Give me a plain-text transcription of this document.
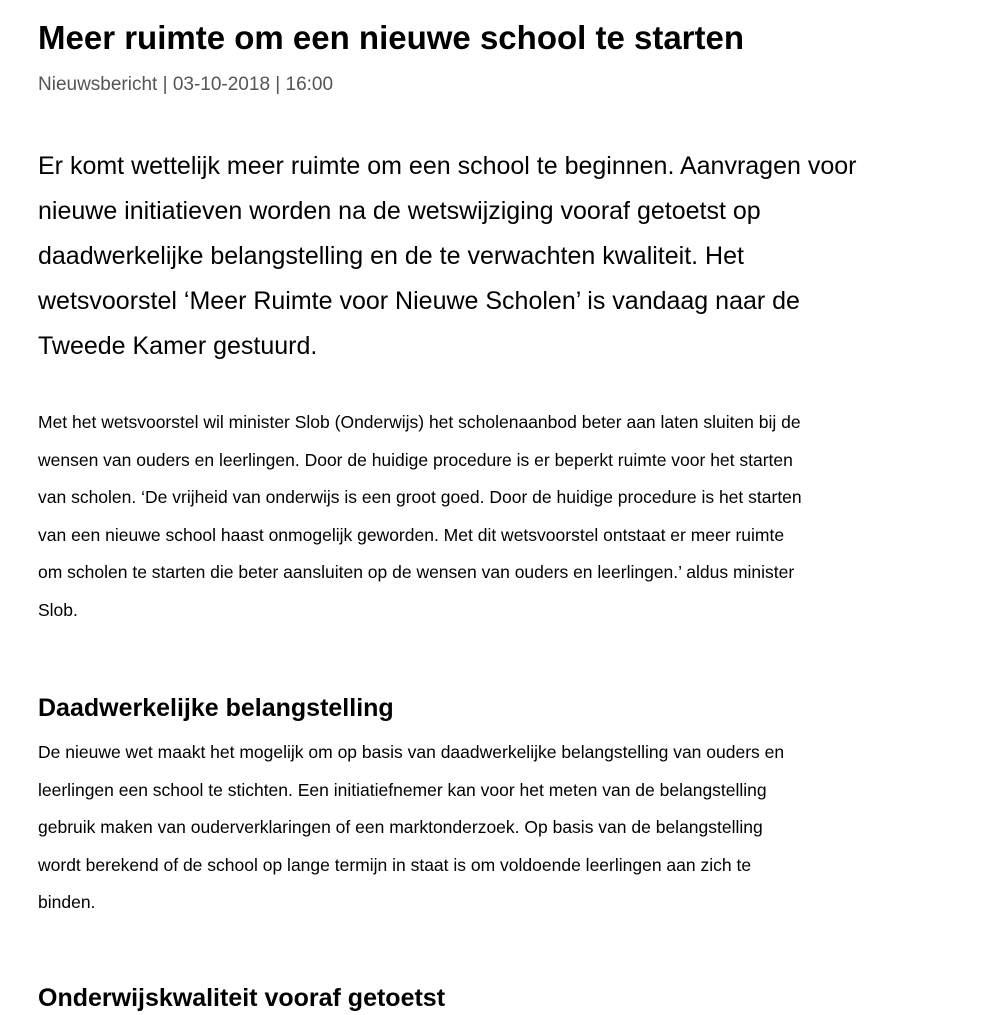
Meer ruimte om een nieuwe school te starten
Nieuwsbericht | 03-10-2018 | 16:00
Er komt wettelijk meer ruimte om een school te beginnen. Aanvragen voor
nieuwe initiatieven worden na de wetswijziging vooraf getoetst op
daadwerkelijke belangstelling en de te verwachten kwaliteit. Het
wetsvoorstel ‘Meer Ruimte voor Nieuwe Scholen’ is vandaag naar de
Tweede Kamer gestuurd.
Met het wetsvoorstel wil minister Slob (Onderwijs) het scholenaanbod beter aan laten sluiten bij de
wensen van ouders en leerlingen. Door de huidige procedure is er beperkt ruimte voor het starten
van scholen. ‘De vrijheid van onderwijs is een groot goed. Door de huidige procedure is het starten
van een nieuwe school haast onmogelijk geworden. Met dit wetsvoorstel ontstaat er meer ruimte
om scholen te starten die beter aansluiten op de wensen van ouders en leerlingen.’ aldus minister
Slob.
Daadwerkelijke belangstelling
De nieuwe wet maakt het mogelijk om op basis van daadwerkelijke belangstelling van ouders en
leerlingen een school te stichten. Een initiatiefnemer kan voor het meten van de belangstelling
gebruik maken van ouderverklaringen of een marktonderzoek. Op basis van de belangstelling
wordt berekend of de school op lange termijn in staat is om voldoende leerlingen aan zich te
binden.
Onderwijskwaliteit vooraf getoetst
